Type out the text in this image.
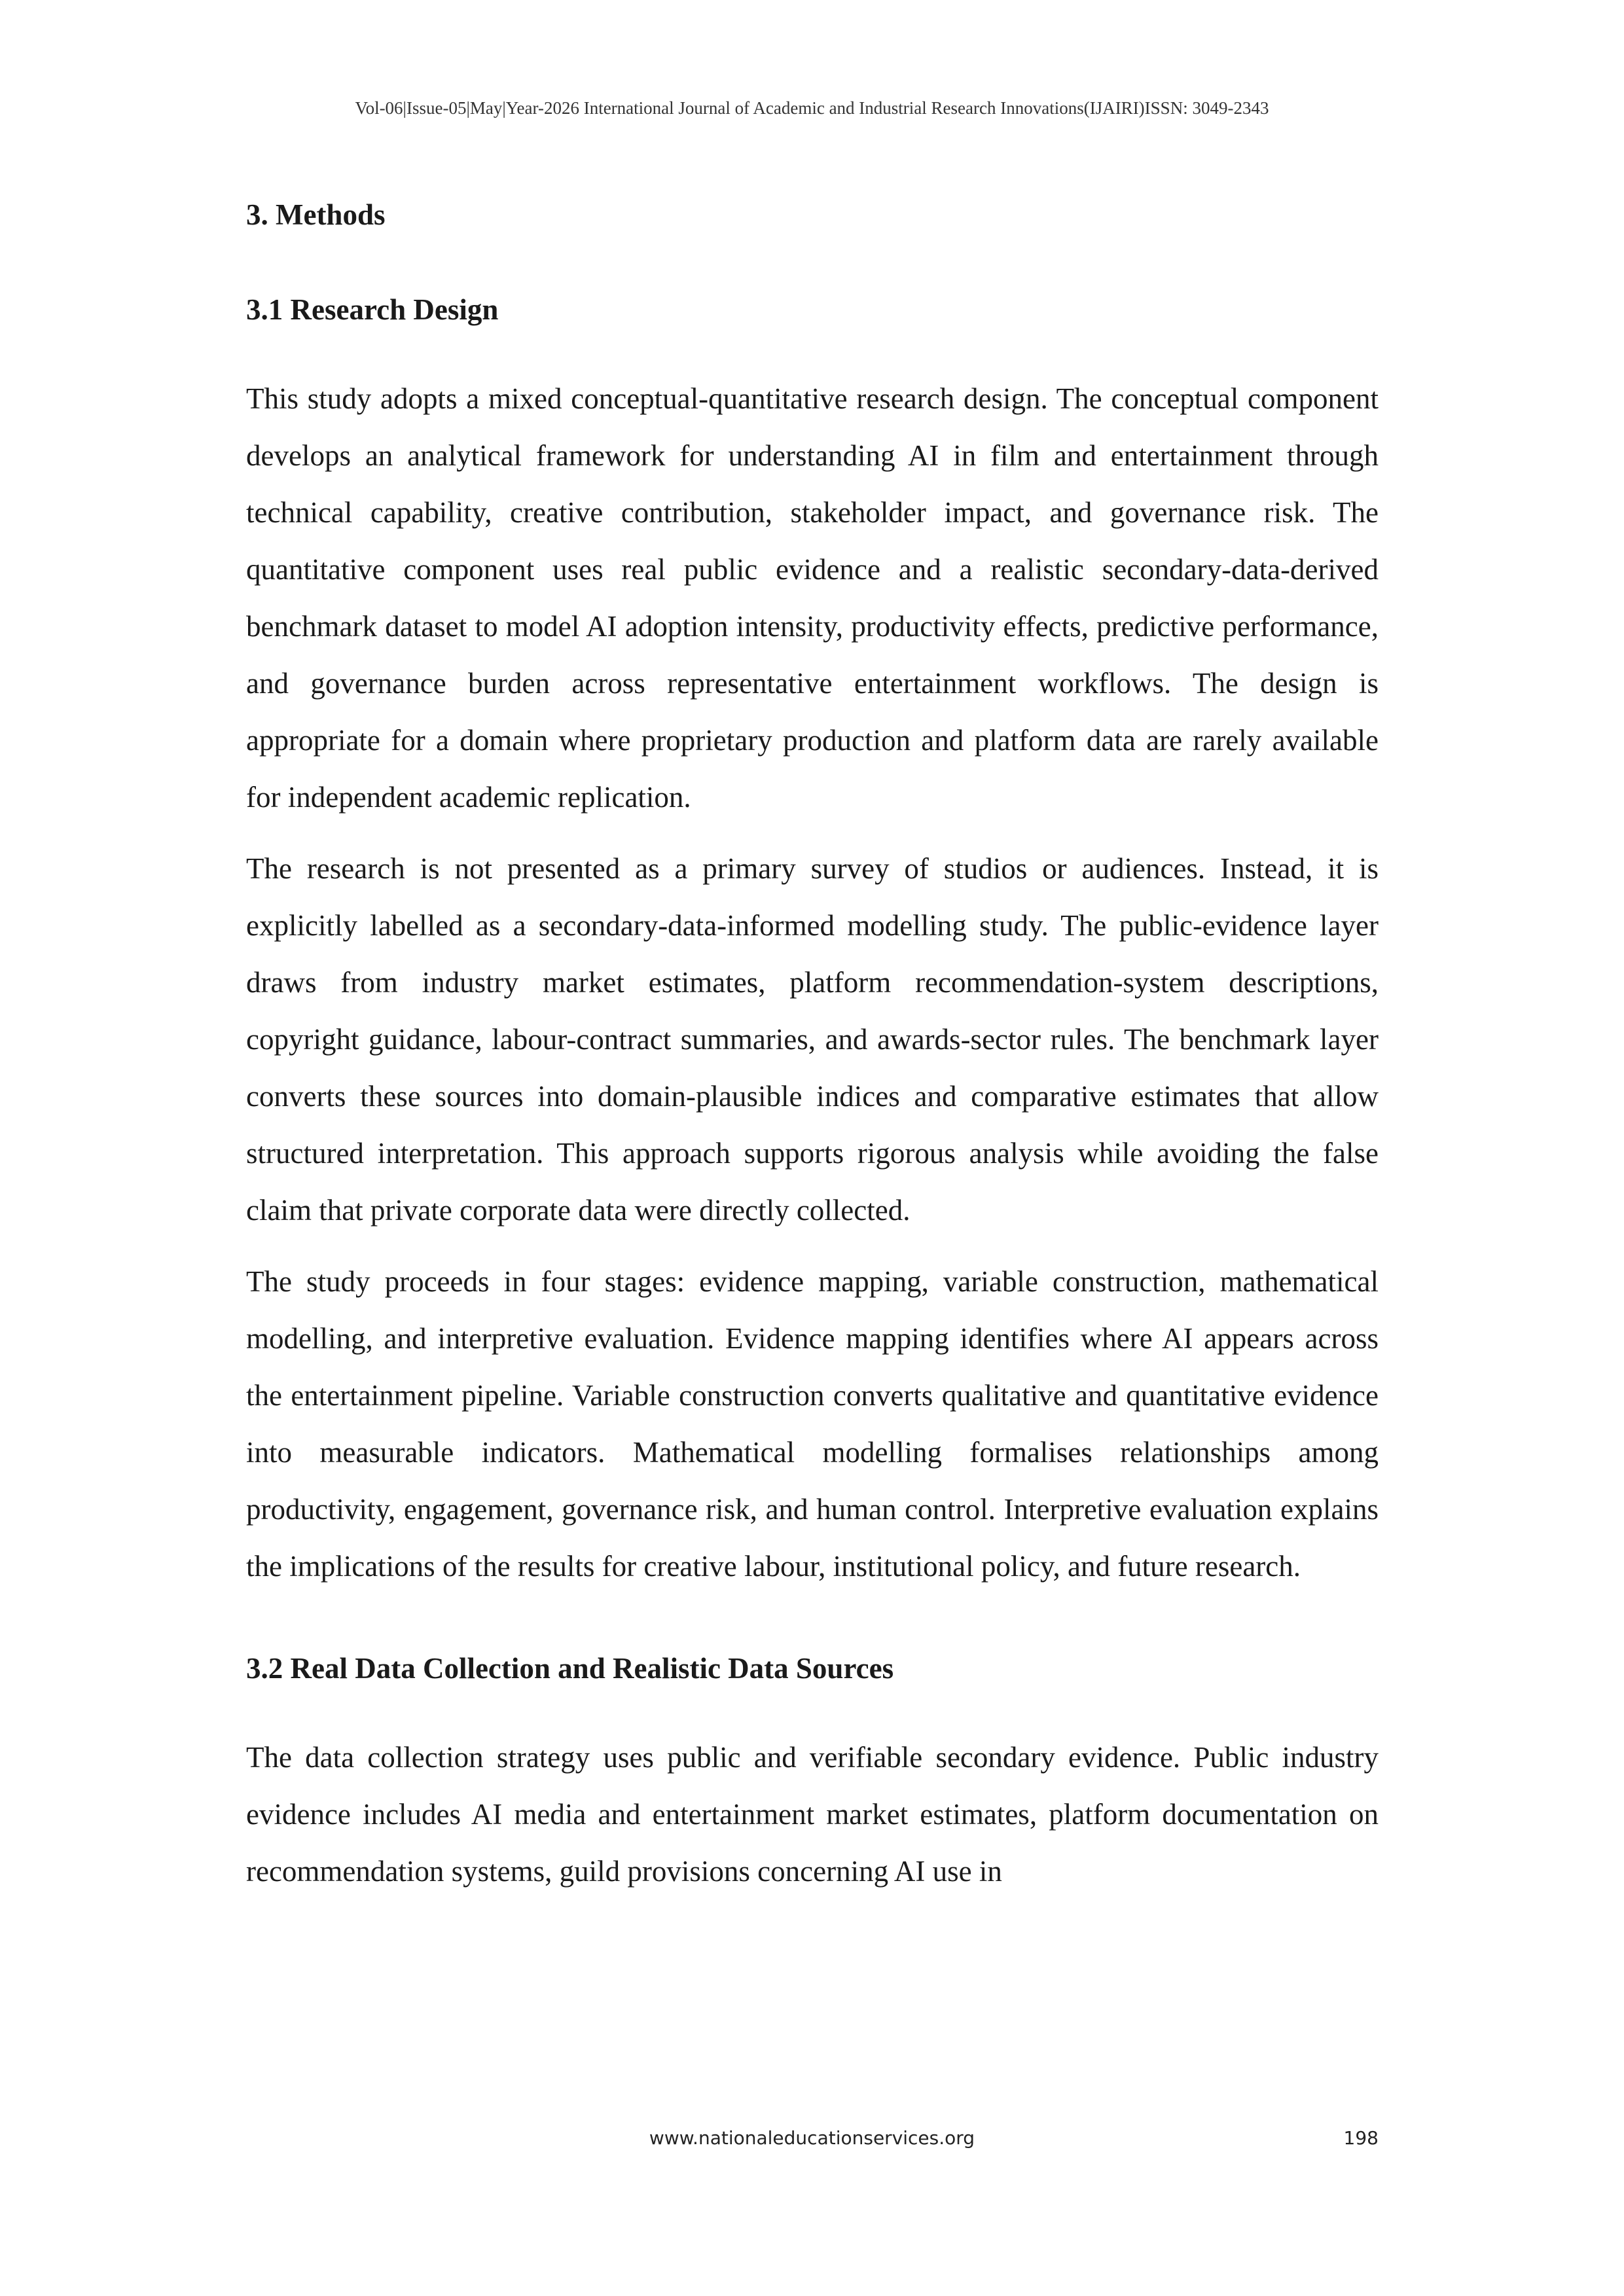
Vol-06|Issue-05|May|Year-2026 International Journal of Academic and Industrial Research Innovations(IJAIRI)ISSN: 3049-2343
3. Methods
3.1 Research Design

This study adopts a mixed conceptual-quantitative research design. The conceptual component develops an analytical framework for understanding AI in film and entertainment through technical capability, creative contribution, stakeholder impact, and governance risk. The quantitative component uses real public evidence and a realistic secondary-data-derived benchmark dataset to model AI adoption intensity, productivity effects, predictive performance, and governance burden across representative entertainment workflows. The design is appropriate for a domain where proprietary production and platform data are rarely available for independent academic replication.

The research is not presented as a primary survey of studios or audiences. Instead, it is explicitly labelled as a secondary-data-informed modelling study. The public-evidence layer draws from industry market estimates, platform recommendation-system descriptions, copyright guidance, labour-contract summaries, and awards-sector rules. The benchmark layer converts these sources into domain-plausible indices and comparative estimates that allow structured interpretation. This approach supports rigorous analysis while avoiding the false claim that private corporate data were directly collected.

The study proceeds in four stages: evidence mapping, variable construction, mathematical modelling, and interpretive evaluation. Evidence mapping identifies where AI appears across the entertainment pipeline. Variable construction converts qualitative and quantitative evidence into measurable indicators. Mathematical modelling formalises relationships among productivity, engagement, governance risk, and human control. Interpretive evaluation explains the implications of the results for creative labour, institutional policy, and future research.

3.2 Real Data Collection and Realistic Data Sources

The data collection strategy uses public and verifiable secondary evidence. Public industry evidence includes AI media and entertainment market estimates, platform documentation on recommendation systems, guild provisions concerning AI use in

www.nationaleducationservices.org	198
